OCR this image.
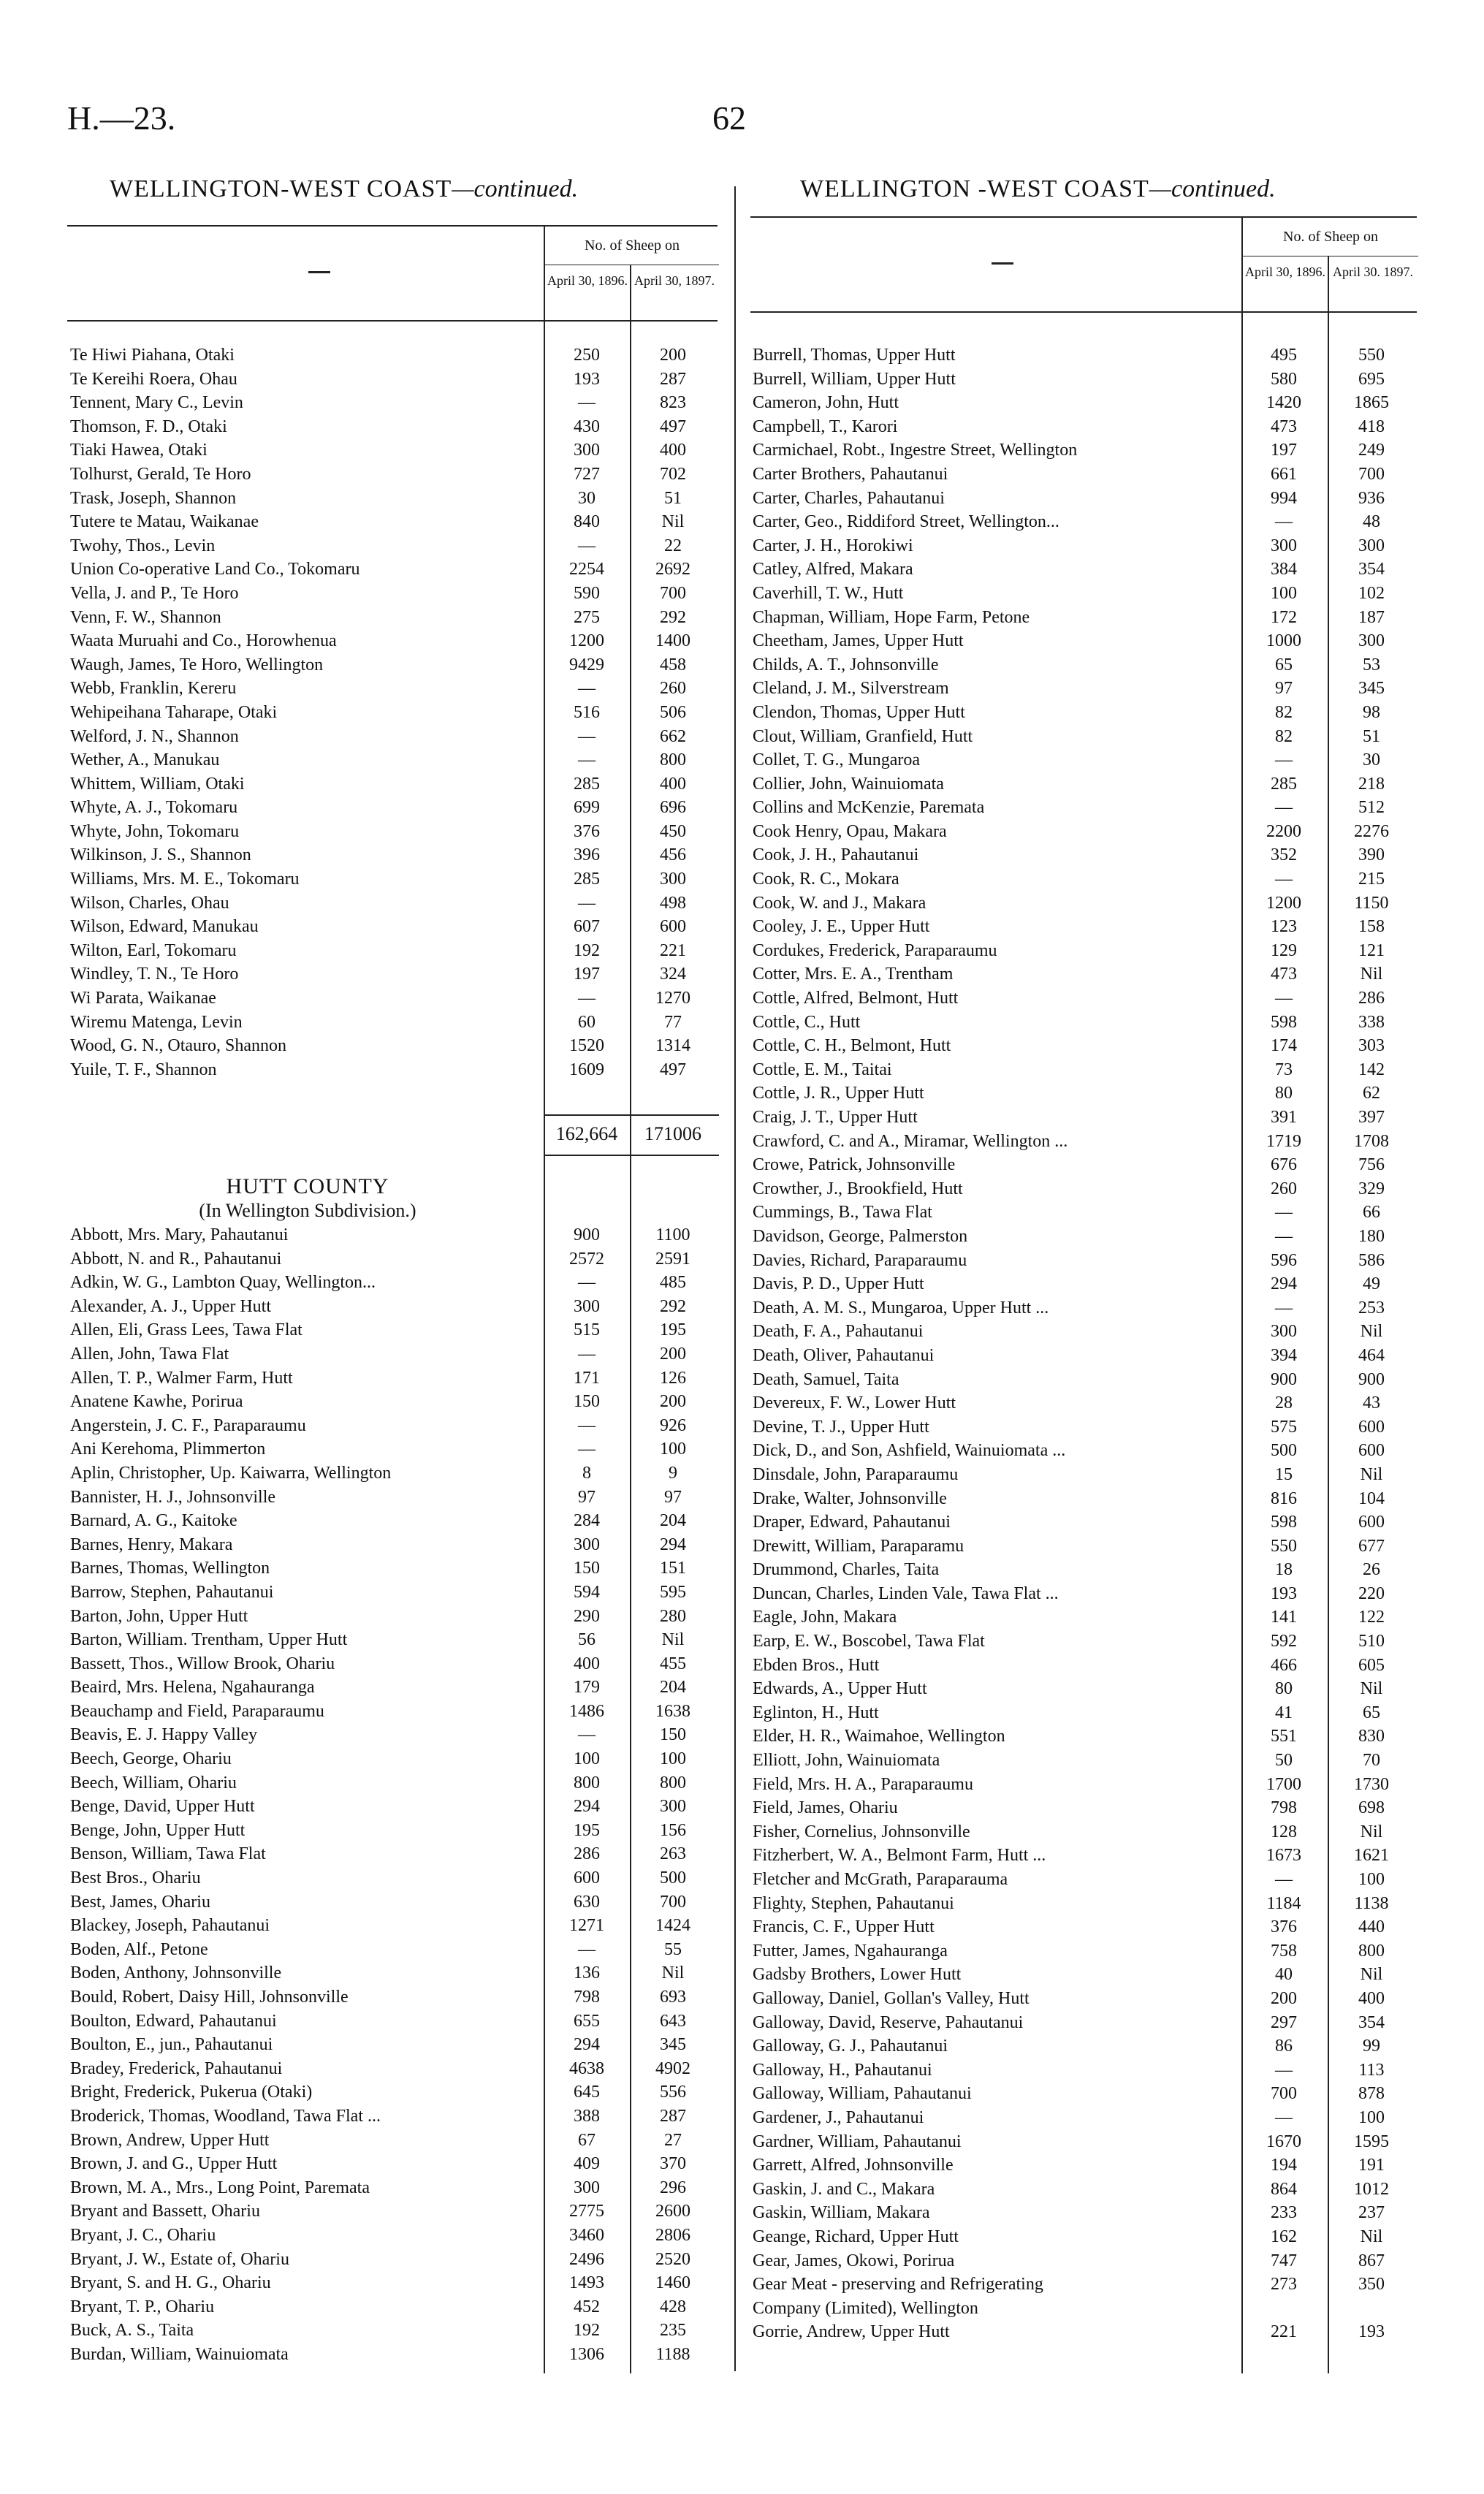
H.—23.	62
WELLINGTON-WEST COAST—continued.	WELLINGTON -WEST COAST—continued.
No. of Sheep on
April 30, 1896. April 30, 1897.
No. of Sheep on
April 30, 1896. April 30. 1897.
Te Hiwi Piahana, Otaki	250	200
Te Kereihi Roera, Ohau	193	287
Tennent, Mary C., Levin	—	823
Thomson, F. D., Otaki	430	497
Tiaki Hawea, Otaki	300	400
Tolhurst, Gerald, Te Horo	727	702
Trask, Joseph, Shannon	30	51
Tutere te Matau, Waikanae	840	Nil
Twohy, Thos., Levin	—	22
Union Co-operative Land Co., Tokomaru	2254	2692
Vella, J. and P., Te Horo	590	700
Venn, F. W., Shannon	275	292
Waata Muruahi and Co., Horowhenua	1200	1400
Waugh, James, Te Horo, Wellington	9429	458
Webb, Franklin, Kereru	—	260
Wehipeihana Taharape, Otaki	516	506
Welford, J. N., Shannon	—	662
Wether, A., Manukau	—	800
Whittem, William, Otaki	285	400
Whyte, A. J., Tokomaru	699	696
Whyte, John, Tokomaru	376	450
Wilkinson, J. S., Shannon	396	456
Williams, Mrs. M. E., Tokomaru	285	300
Wilson, Charles, Ohau	—	498
Wilson, Edward, Manukau	607	600
Wilton, Earl, Tokomaru	192	221
Windley, T. N., Te Horo	197	324
Wi Parata, Waikanae	—	1270
Wiremu Matenga, Levin	60	77
Wood, G. N., Otauro, Shannon	1520	1314
Yuile, T. F., Shannon	1609	497
162,664	171006
HUTT COUNTY
(In Wellington Subdivision.)
Abbott, Mrs. Mary, Pahautanui	900	1100
Abbott, N. and R., Pahautanui	2572	2591
Adkin, W. G., Lambton Quay, Wellington...	—	485
Alexander, A. J., Upper Hutt	300	292
Allen, Eli, Grass Lees, Tawa Flat	515	195
Allen, John, Tawa Flat	—	200
Allen, T. P., Walmer Farm, Hutt	171	126
Anatene Kawhe, Porirua	150	200
Angerstein, J. C. F., Paraparaumu	—	926
Ani Kerehoma, Plimmerton	—	100
Aplin, Christopher, Up. Kaiwarra, Wellington	8	9
Bannister, H. J., Johnsonville	97	97
Barnard, A. G., Kaitoke	284	204
Barnes, Henry, Makara	300	294
Barnes, Thomas, Wellington	150	151
Barrow, Stephen, Pahautanui	594	595
Barton, John, Upper Hutt	290	280
Barton, William. Trentham, Upper Hutt	56	Nil
Bassett, Thos., Willow Brook, Ohariu	400	455
Beaird, Mrs. Helena, Ngahauranga	179	204
Beauchamp and Field, Paraparaumu	1486	1638
Beavis, E. J. Happy Valley	—	150
Beech, George, Ohariu	100	100
Beech, William, Ohariu	800	800
Benge, David, Upper Hutt	294	300
Benge, John, Upper Hutt	195	156
Benson, William, Tawa Flat	286	263
Best Bros., Ohariu	600	500
Best, James, Ohariu	630	700
Blackey, Joseph, Pahautanui	1271	1424
Boden, Alf., Petone	—	55
Boden, Anthony, Johnsonville	136	Nil
Bould, Robert, Daisy Hill, Johnsonville	798	693
Boulton, Edward, Pahautanui	655	643
Boulton, E., jun., Pahautanui	294	345
Bradey, Frederick, Pahautanui	4638	4902
Bright, Frederick, Pukerua (Otaki)	645	556
Broderick, Thomas, Woodland, Tawa Flat ...	388	287
Brown, Andrew, Upper Hutt	67	27
Brown, J. and G., Upper Hutt	409	370
Brown, M. A., Mrs., Long Point, Paremata	300	296
Bryant and Bassett, Ohariu	2775	2600
Bryant, J. C., Ohariu	3460	2806
Bryant, J. W., Estate of, Ohariu	2496	2520
Bryant, S. and H. G., Ohariu	1493	1460
Bryant, T. P., Ohariu	452	428
Buck, A. S., Taita	192	235
Burdan, William, Wainuiomata	1306	1188
Burrell, Thomas, Upper Hutt	495	550
Burrell, William, Upper Hutt	580	695
Cameron, John, Hutt	1420	1865
Campbell, T., Karori	473	418
Carmichael, Robt., Ingestre Street, Wellington	197	249
Carter Brothers, Pahautanui	661	700
Carter, Charles, Pahautanui	994	936
Carter, Geo., Riddiford Street, Wellington...	—	48
Carter, J. H., Horokiwi	300	300
Catley, Alfred, Makara	384	354
Caverhill, T. W., Hutt	100	102
Chapman, William, Hope Farm, Petone	172	187
Cheetham, James, Upper Hutt	1000	300
Childs, A. T., Johnsonville	65	53
Cleland, J. M., Silverstream	97	345
Clendon, Thomas, Upper Hutt	82	98
Clout, William, Granfield, Hutt	82	51
Collet, T. G., Mungaroa	—	30
Collier, John, Wainuiomata	285	218
Collins and McKenzie, Paremata	—	512
Cook Henry, Opau, Makara	2200	2276
Cook, J. H., Pahautanui	352	390
Cook, R. C., Mokara	—	215
Cook, W. and J., Makara	1200	1150
Cooley, J. E., Upper Hutt	123	158
Cordukes, Frederick, Paraparaumu	129	121
Cotter, Mrs. E. A., Trentham	473	Nil
Cottle, Alfred, Belmont, Hutt	—	286
Cottle, C., Hutt	598	338
Cottle, C. H., Belmont, Hutt	174	303
Cottle, E. M., Taitai	73	142
Cottle, J. R., Upper Hutt	80	62
Craig, J. T., Upper Hutt	391	397
Crawford, C. and A., Miramar, Wellington ...	1719	1708
Crowe, Patrick, Johnsonville	676	756
Crowther, J., Brookfield, Hutt	260	329
Cummings, B., Tawa Flat	—	66
Davidson, George, Palmerston	—	180
Davies, Richard, Paraparaumu	596	586
Davis, P. D., Upper Hutt	294	49
Death, A. M. S., Mungaroa, Upper Hutt ...	—	253
Death, F. A., Pahautanui	300	Nil
Death, Oliver, Pahautanui	394	464
Death, Samuel, Taita	900	900
Devereux, F. W., Lower Hutt	28	43
Devine, T. J., Upper Hutt	575	600
Dick, D., and Son, Ashfield, Wainuiomata ...	500	600
Dinsdale, John, Paraparaumu	15	Nil
Drake, Walter, Johnsonville	816	104
Draper, Edward, Pahautanui	598	600
Drewitt, William, Paraparamu	550	677
Drummond, Charles, Taita	18	26
Duncan, Charles, Linden Vale, Tawa Flat ...	193	220
Eagle, John, Makara	141	122
Earp, E. W., Boscobel, Tawa Flat	592	510
Ebden Bros., Hutt	466	605
Edwards, A., Upper Hutt	80	Nil
Eglinton, H., Hutt	41	65
Elder, H. R., Waimahoe, Wellington	551	830
Elliott, John, Wainuiomata	50	70
Field, Mrs. H. A., Paraparaumu	1700	1730
Field, James, Ohariu	798	698
Fisher, Cornelius, Johnsonville	128	Nil
Fitzherbert, W. A., Belmont Farm, Hutt ...	1673	1621
Fletcher and McGrath, Paraparauma	—	100
Flighty, Stephen, Pahautanui	1184	1138
Francis, C. F., Upper Hutt	376	440
Futter, James, Ngahauranga	758	800
Gadsby Brothers, Lower Hutt	40	Nil
Galloway, Daniel, Gollan's Valley, Hutt	200	400
Galloway, David, Reserve, Pahautanui	297	354
Galloway, G. J., Pahautanui	86	99
Galloway, H., Pahautanui	—	113
Galloway, William, Pahautanui	700	878
Gardener, J., Pahautanui	—	100
Gardner, William, Pahautanui	1670	1595
Garrett, Alfred, Johnsonville	194	191
Gaskin, J. and C., Makara	864	1012
Gaskin, William, Makara	233	237
Geange, Richard, Upper Hutt	162	Nil
Gear, James, Okowi, Porirua	747	867
Gear Meat - preserving and Refrigerating	273	350
Company (Limited), Wellington
Gorrie, Andrew, Upper Hutt	221	193
